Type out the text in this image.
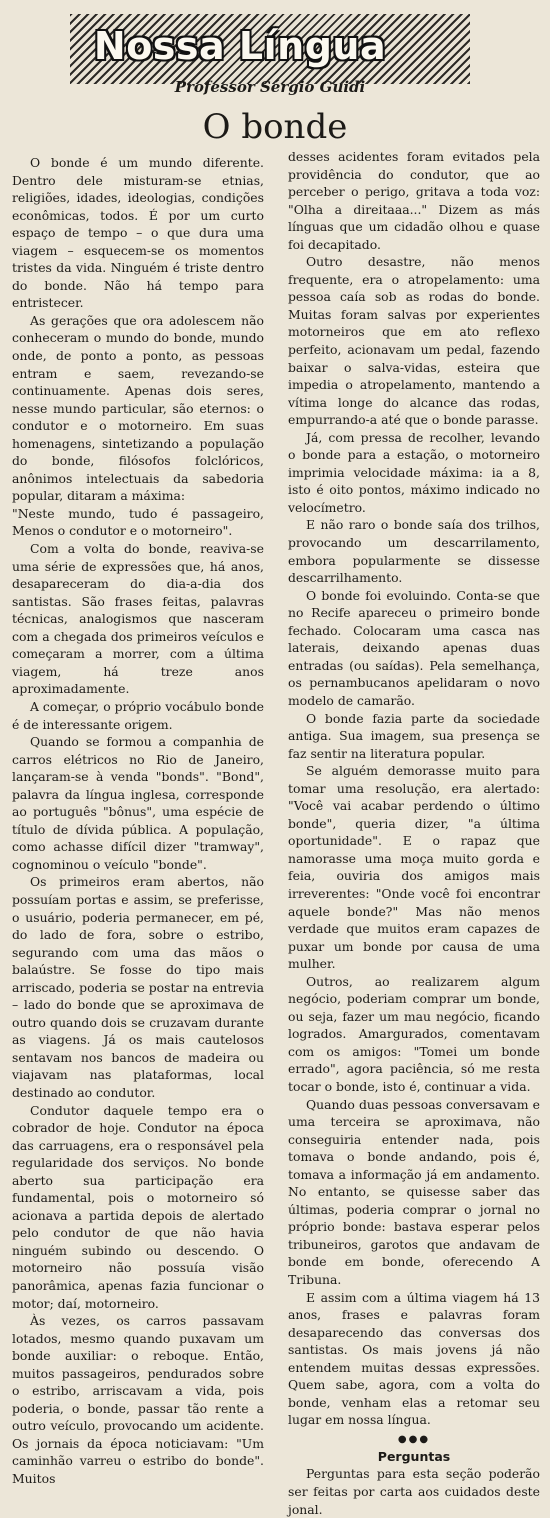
Nossa Língua
Professor Sérgio Guidi
O bonde

O bonde é um mundo diferente. Dentro dele misturam-se etnias, religiões, idades, ideologias, condições econômicas, todos. É por um curto espaço de tempo – o que dura uma viagem – esquecem-se os momentos tristes da vida. Ninguém é triste dentro do bonde. Não há tempo para entristecer.

As gerações que ora adolescem não conheceram o mundo do bonde, mundo onde, de ponto a ponto, as pessoas entram e saem, revezando-se continuamente. Apenas dois seres, nesse mundo particular, são eternos: o condutor e o motorneiro. Em suas homenagens, sintetizando a população do bonde, filósofos folclóricos, anônimos intelectuais da sabedoria popular, ditaram a máxima:

"Neste mundo, tudo é passageiro, Menos o condutor e o motorneiro".

Com a volta do bonde, reaviva-se uma série de expressões que, há anos, desapareceram do dia-a-dia dos santistas. São frases feitas, palavras técnicas, analogismos que nasceram com a chegada dos primeiros veículos e começaram a morrer, com a última viagem, há treze anos aproximadamente.

A começar, o próprio vocábulo bonde é de interessante origem.

Quando se formou a companhia de carros elétricos no Rio de Janeiro, lançaram-se à venda "bonds". "Bond", palavra da língua inglesa, corresponde ao português "bônus", uma espécie de título de dívida pública. A população, como achasse difícil dizer "tramway", cognominou o veículo "bonde".

Os primeiros eram abertos, não possuíam portas e assim, se preferisse, o usuário, poderia permanecer, em pé, do lado de fora, sobre o estribo, segurando com uma das mãos o balaústre. Se fosse do tipo mais arriscado, poderia se postar na entrevia – lado do bonde que se aproximava de outro quando dois se cruzavam durante as viagens. Já os mais cautelosos sentavam nos bancos de madeira ou viajavam nas plataformas, local destinado ao condutor.

Condutor daquele tempo era o cobrador de hoje. Condutor na época das carruagens, era o responsável pela regularidade dos serviços. No bonde aberto sua participação era fundamental, pois o motorneiro só acionava a partida depois de alertado pelo condutor de que não havia ninguém subindo ou descendo. O motorneiro não possuía visão panorâmica, apenas fazia funcionar o motor; daí, motorneiro.

Às vezes, os carros passavam lotados, mesmo quando puxavam um bonde auxiliar: o reboque. Então, muitos passageiros, pendurados sobre o estribo, arriscavam a vida, pois poderia, o bonde, passar tão rente a outro veículo, provocando um acidente. Os jornais da época noticiavam: "Um caminhão varreu o estribo do bonde". Muitos

desses acidentes foram evitados pela providência do condutor, que ao perceber o perigo, gritava a toda voz: "Olha a direitaaa..." Dizem as más línguas que um cidadão olhou e quase foi decapitado.

Outro desastre, não menos frequente, era o atropelamento: uma pessoa caía sob as rodas do bonde. Muitas foram salvas por experientes motorneiros que em ato reflexo perfeito, acionavam um pedal, fazendo baixar o salva-vidas, esteira que impedia o atropelamento, mantendo a vítima longe do alcance das rodas, empurrando-a até que o bonde parasse.

Já, com pressa de recolher, levando o bonde para a estação, o motorneiro imprimia velocidade máxima: ia a 8, isto é oito pontos, máximo indicado no velocímetro.

E não raro o bonde saía dos trilhos, provocando um descarrilamento, embora popularmente se dissesse descarrilhamento.

O bonde foi evoluindo. Conta-se que no Recife apareceu o primeiro bonde fechado. Colocaram uma casca nas laterais, deixando apenas duas entradas (ou saídas). Pela semelhança, os pernambucanos apelidaram o novo modelo de camarão.

O bonde fazia parte da sociedade antiga. Sua imagem, sua presença se faz sentir na literatura popular.

Se alguém demorasse muito para tomar uma resolução, era alertado: "Você vai acabar perdendo o último bonde", queria dizer, "a última oportunidade". E o rapaz que namorasse uma moça muito gorda e feia, ouviria dos amigos mais irreverentes: "Onde você foi encontrar aquele bonde?" Mas não menos verdade que muitos eram capazes de puxar um bonde por causa de uma mulher.

Outros, ao realizarem algum negócio, poderiam comprar um bonde, ou seja, fazer um mau negócio, ficando logrados. Amargurados, comentavam com os amigos: "Tomei um bonde errado", agora paciência, só me resta tocar o bonde, isto é, continuar a vida.

Quando duas pessoas conversavam e uma terceira se aproximava, não conseguiria entender nada, pois tomava o bonde andando, pois é, tomava a informação já em andamento. No entanto, se quisesse saber das últimas, poderia comprar o jornal no próprio bonde: bastava esperar pelos tribuneiros, garotos que andavam de bonde em bonde, oferecendo A Tribuna.

E assim com a última viagem há 13 anos, frases e palavras foram desaparecendo das conversas dos santistas. Os mais jovens já não entendem muitas dessas expressões. Quem sabe, agora, com a volta do bonde, venham elas a retomar seu lugar em nossa língua.

●●●
Perguntas

Perguntas para esta seção poderão ser feitas por carta aos cuidados deste jonal.
